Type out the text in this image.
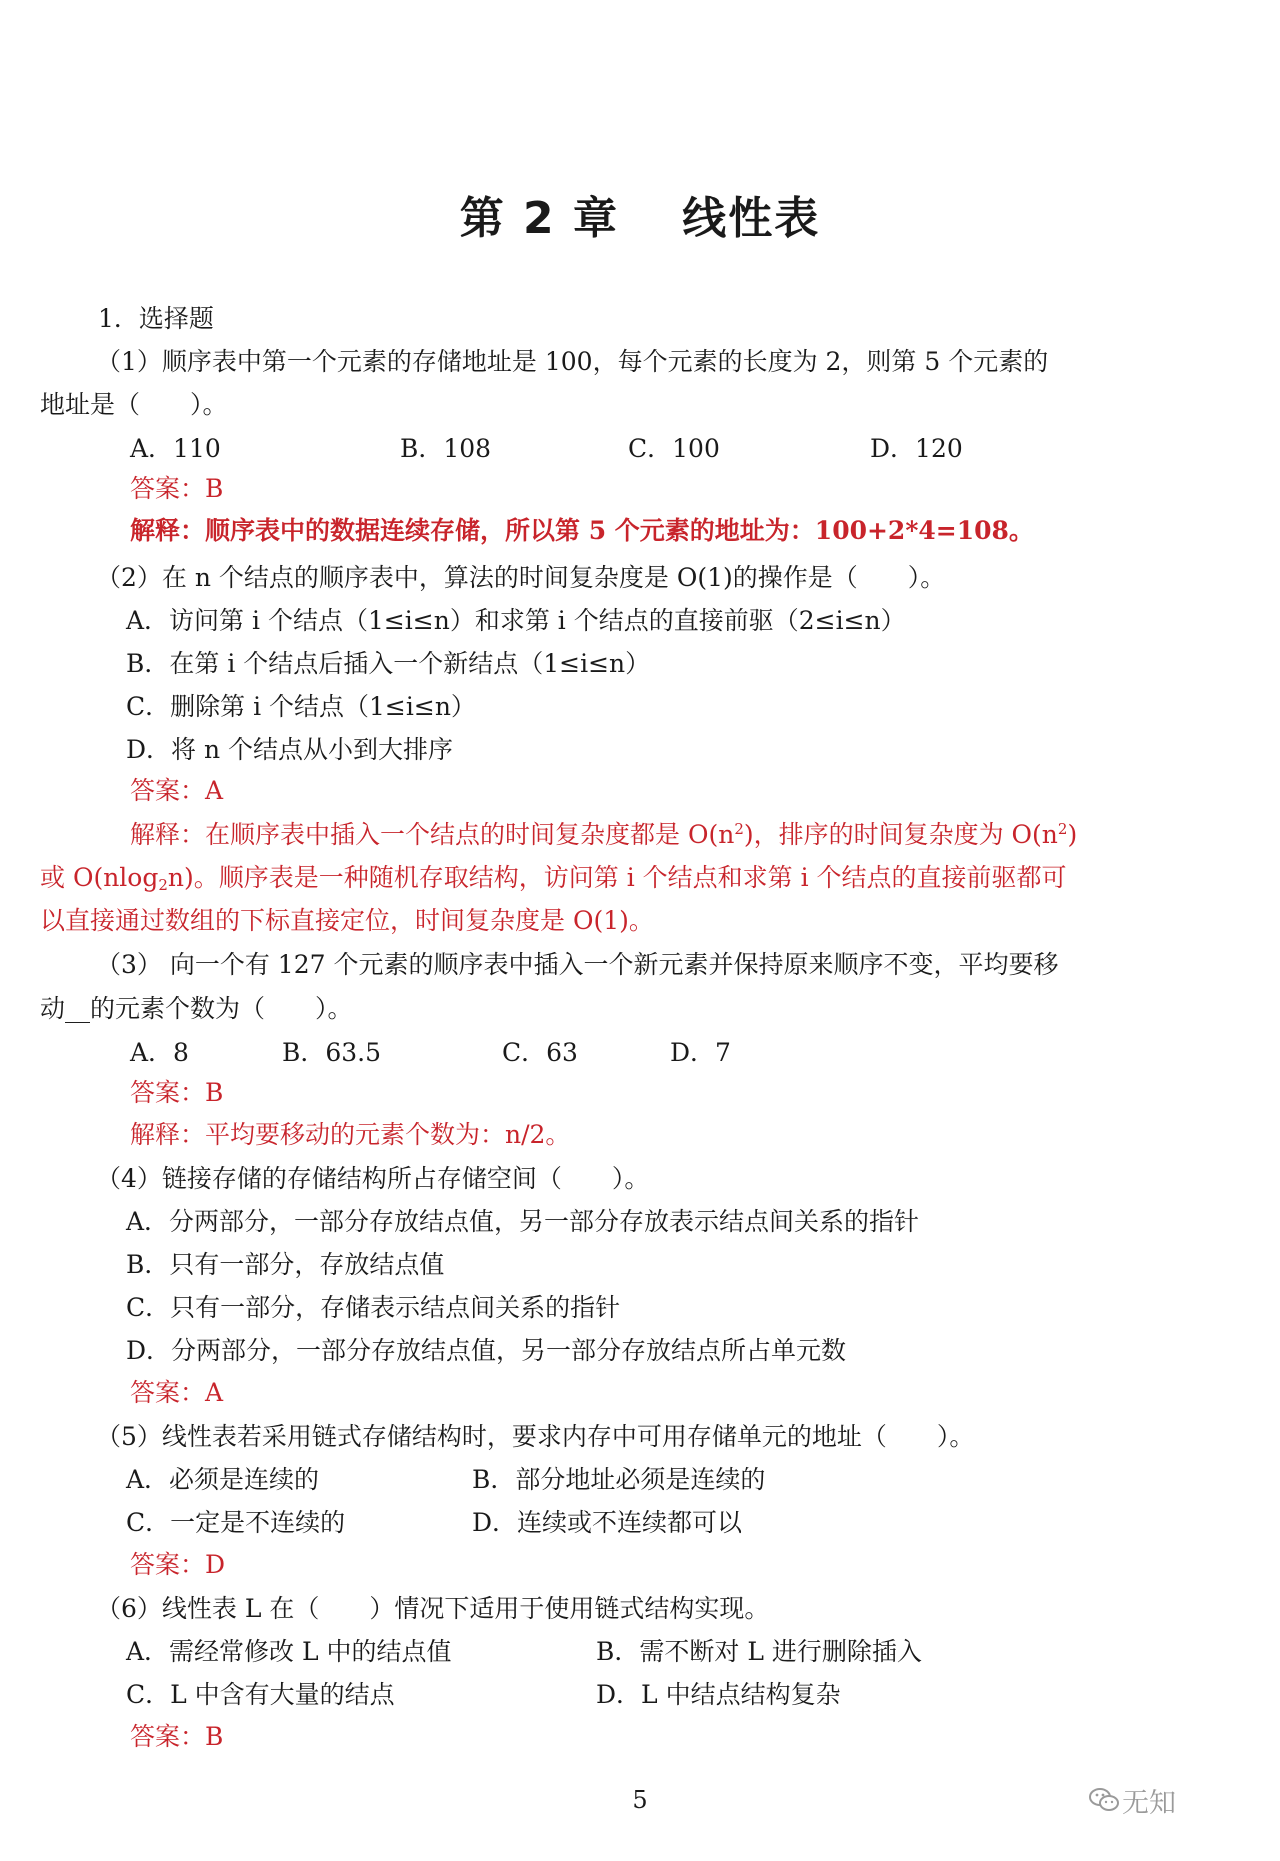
第 2 章　 线性表
1．选择题
（1）顺序表中第一个元素的存储地址是 100，每个元素的长度为 2，则第 5 个元素的
地址是（　　）。
A．110	B．108	C．100	D．120
答案：B
解释：顺序表中的数据连续存储，所以第 5 个元素的地址为：100+2*4=108。
（2）在 n 个结点的顺序表中，算法的时间复杂度是 O(1)的操作是（　　）。
A．访问第 i 个结点（1≤i≤n）和求第 i 个结点的直接前驱（2≤i≤n）
B．在第 i 个结点后插入一个新结点（1≤i≤n）
C．删除第 i 个结点（1≤i≤n）
D．将 n 个结点从小到大排序
答案：A
解释：在顺序表中插入一个结点的时间复杂度都是 $O(n^2)$，排序的时间复杂度为 $O(n^2)$
或 O(nlog$_2$n)。顺序表是一种随机存取结构，访问第 i 个结点和求第 i 个结点的直接前驱都可
以直接通过数组的下标直接定位，时间复杂度是 O(1)。
（3） 向一个有 127 个元素的顺序表中插入一个新元素并保持原来顺序不变，平均要移
动__的元素个数为（　　）。
A．8	B．63.5	C．63	D．7
答案：B
解释：平均要移动的元素个数为：n/2。
（4）链接存储的存储结构所占存储空间（　　）。
A．分两部分，一部分存放结点值，另一部分存放表示结点间关系的指针
B．只有一部分，存放结点值
C．只有一部分，存储表示结点间关系的指针
D．分两部分，一部分存放结点值，另一部分存放结点所占单元数
答案：A
（5）线性表若采用链式存储结构时，要求内存中可用存储单元的地址（　　）。
A．必须是连续的	B．部分地址必须是连续的
C．一定是不连续的	D．连续或不连续都可以
答案：D
（6）线性表 L 在（　　）情况下适用于使用链式结构实现。
A．需经常修改 L 中的结点值	B．需不断对 L 进行删除插入
C．L 中含有大量的结点	D．L 中结点结构复杂
答案：B
5	无知
